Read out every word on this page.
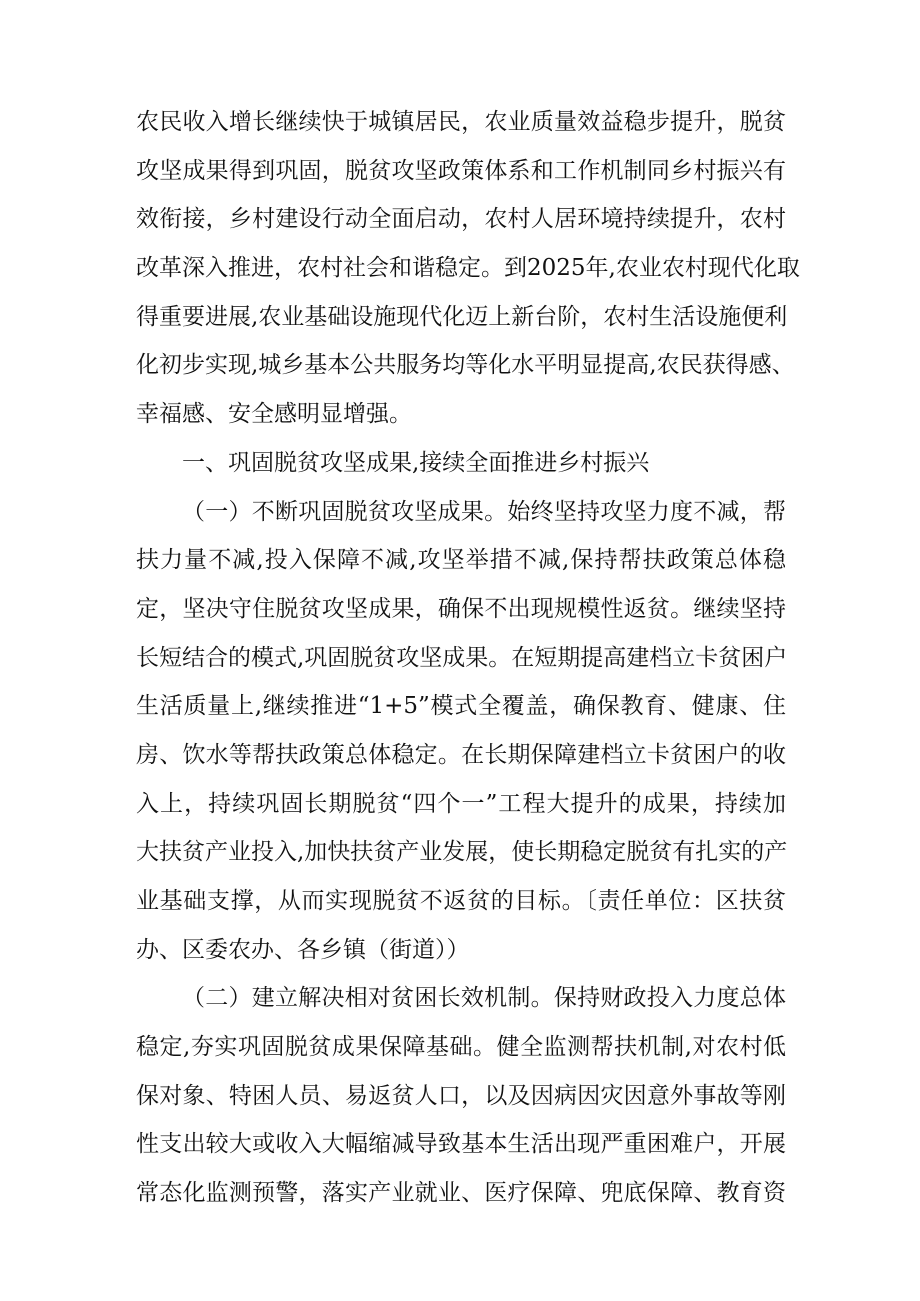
农民收入增长继续快于城镇居民，农业质量效益稳步提升，脱贫
攻坚成果得到巩固，脱贫攻坚政策体系和工作机制同乡村振兴有
效衔接，乡村建设行动全面启动，农村人居环境持续提升，农村
改革深入推进，农村社会和谐稳定。到2025年,农业农村现代化取
得重要进展,农业基础设施现代化迈上新台阶，农村生活设施便利
化初步实现,城乡基本公共服务均等化水平明显提高,农民获得感、
幸福感、安全感明显增强。
一、巩固脱贫攻坚成果,接续全面推进乡村振兴
（一）不断巩固脱贫攻坚成果。始终坚持攻坚力度不减，帮
扶力量不减,投入保障不减,攻坚举措不减,保持帮扶政策总体稳
定，坚决守住脱贫攻坚成果，确保不出现规模性返贫。继续坚持
长短结合的模式,巩固脱贫攻坚成果。在短期提高建档立卡贫困户
生活质量上,继续推进“1+5”模式全覆盖，确保教育、健康、住
房、饮水等帮扶政策总体稳定。在长期保障建档立卡贫困户的收
入上，持续巩固长期脱贫“四个一”工程大提升的成果，持续加
大扶贫产业投入,加快扶贫产业发展，使长期稳定脱贫有扎实的产
业基础支撑，从而实现脱贫不返贫的目标。〔责任单位：区扶贫
办、区委农办、各乡镇（街道））
（二）建立解决相对贫困长效机制。保持财政投入力度总体
稳定,夯实巩固脱贫成果保障基础。健全监测帮扶机制,对农村低
保对象、特困人员、易返贫人口，以及因病因灾因意外事故等刚
性支出较大或收入大幅缩减导致基本生活出现严重困难户，开展
常态化监测预警，落实产业就业、医疗保障、兜底保障、教育资
